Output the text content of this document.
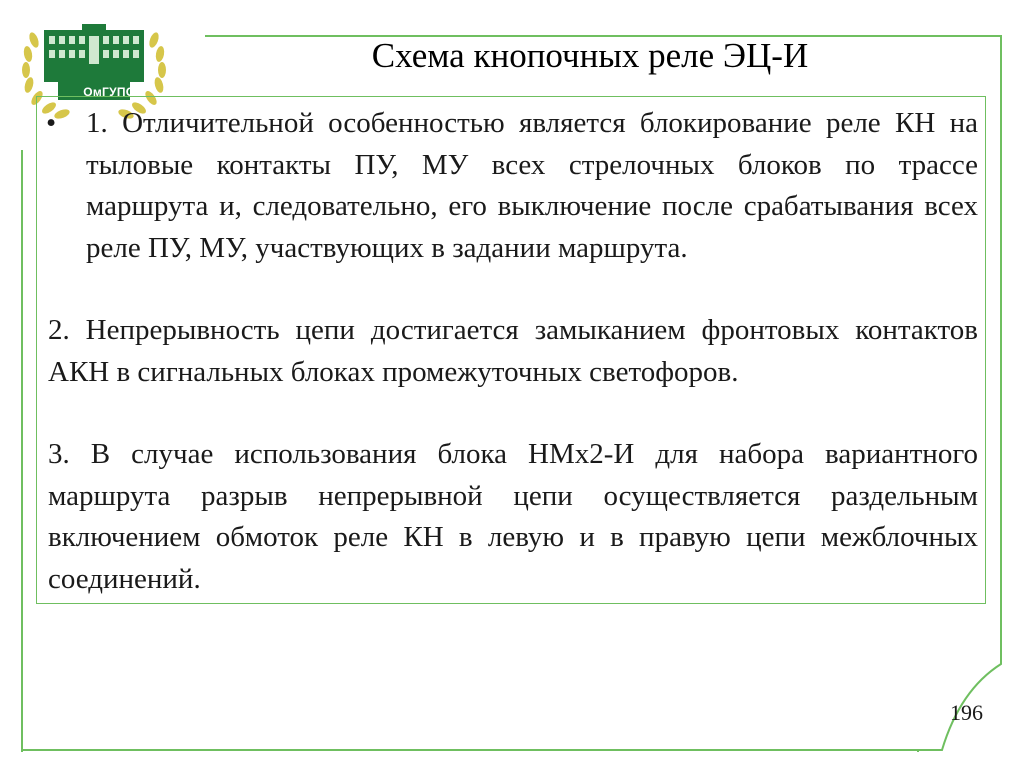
ОмГУПС
Схема кнопочных реле ЭЦ-И
• 1. Отличительной особенностью является блокирование реле КН на тыловые контакты ПУ, МУ всех стрелочных блоков по трассе маршрута и, следовательно, его выключение после срабатывания всех реле ПУ, МУ, участвующих в задании маршрута.
2. Непрерывность цепи достигается замыканием фронтовых контактов АКН в сигнальных блоках промежуточных светофоров.
3. В случае использования блока НМх2-И для набора вариантного маршрута разрыв непрерывной цепи осуществляется раздельным включением обмоток реле КН в левую и в правую цепи межблочных соединений.
196
